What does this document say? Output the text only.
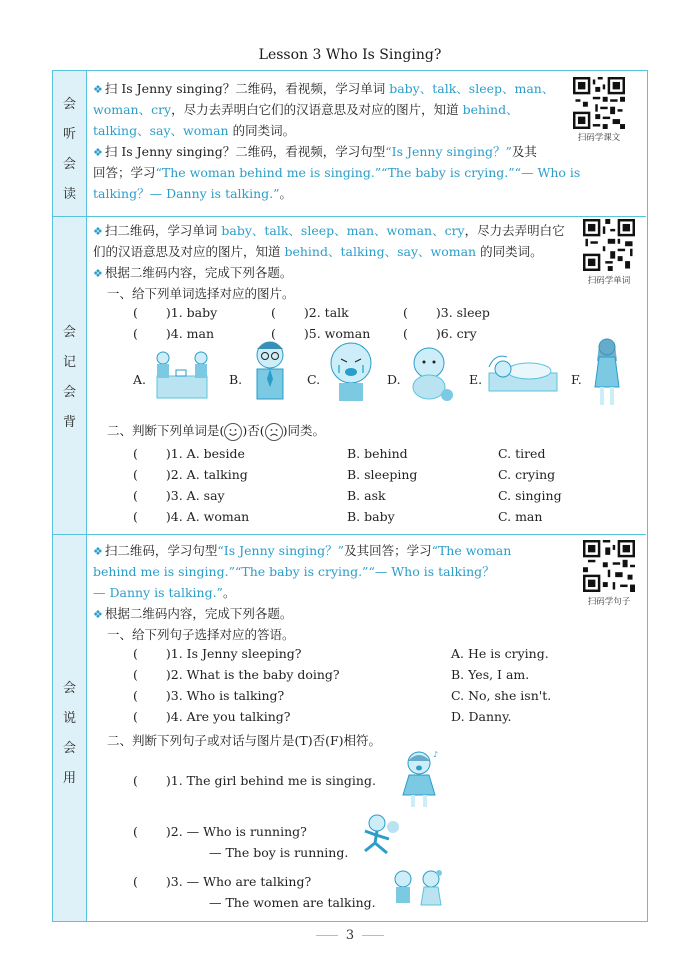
Lesson 3 Who Is Singing?
会
听
会
读
❖ 扫 Is Jenny singing？二维码，看视频，学习单词 baby、talk、sleep、man、
woman、cry，尽力去弄明白它们的汉语意思及对应的图片，知道 behind、
talking、say、woman 的同类词。
❖ 扫 Is Jenny singing？二维码，看视频，学习句型“Is Jenny singing？”及其
回答；学习“The woman behind me is singing.”“The baby is crying.”“— Who is
talking？— Danny is talking.”。
扫码学课文
会
记
会
背
❖ 扫二维码，学习单词 baby、talk、sleep、man、woman、cry，尽力去弄明白它
们的汉语意思及对应的图片，知道 behind、talking、say、woman 的同类词。
❖ 根据二维码内容，完成下列各题。
一、给下列单词选择对应的图片。
( )1. baby	( )2. talk	( )3. sleep
( )4. man	( )5. woman	( )6. cry
A.	B.	C.	D.	E.	F.
二、判断下列单词是( )否( )同类。
( )1. A. beside	B. behind	C. tired
( )2. A. talking	B. sleeping	C. crying
( )3. A. say	B. ask	C. singing
( )4. A. woman	B. baby	C. man
扫码学单词
会
说
会
用
❖ 扫二维码，学习句型“Is Jenny singing？”及其回答；学习“The woman
behind me is singing.”“The baby is crying.”“— Who is talking？
— Danny is talking.”。
❖ 根据二维码内容，完成下列各题。
一、给下列句子选择对应的答语。
( )1. Is Jenny sleeping?	A. He is crying.
( )2. What is the baby doing?	B. Yes, I am.
( )3. Who is talking?	C. No, she isn't.
( )4. Are you talking?	D. Danny.
二、判断下列句子或对话与图片是(T)否(F)相符。
( )1. The girl behind me is singing.
♪
( )2. — Who is running?
— The boy is running.
( )3. — Who are talking?
— The women are talking.
扫码学句子
3
